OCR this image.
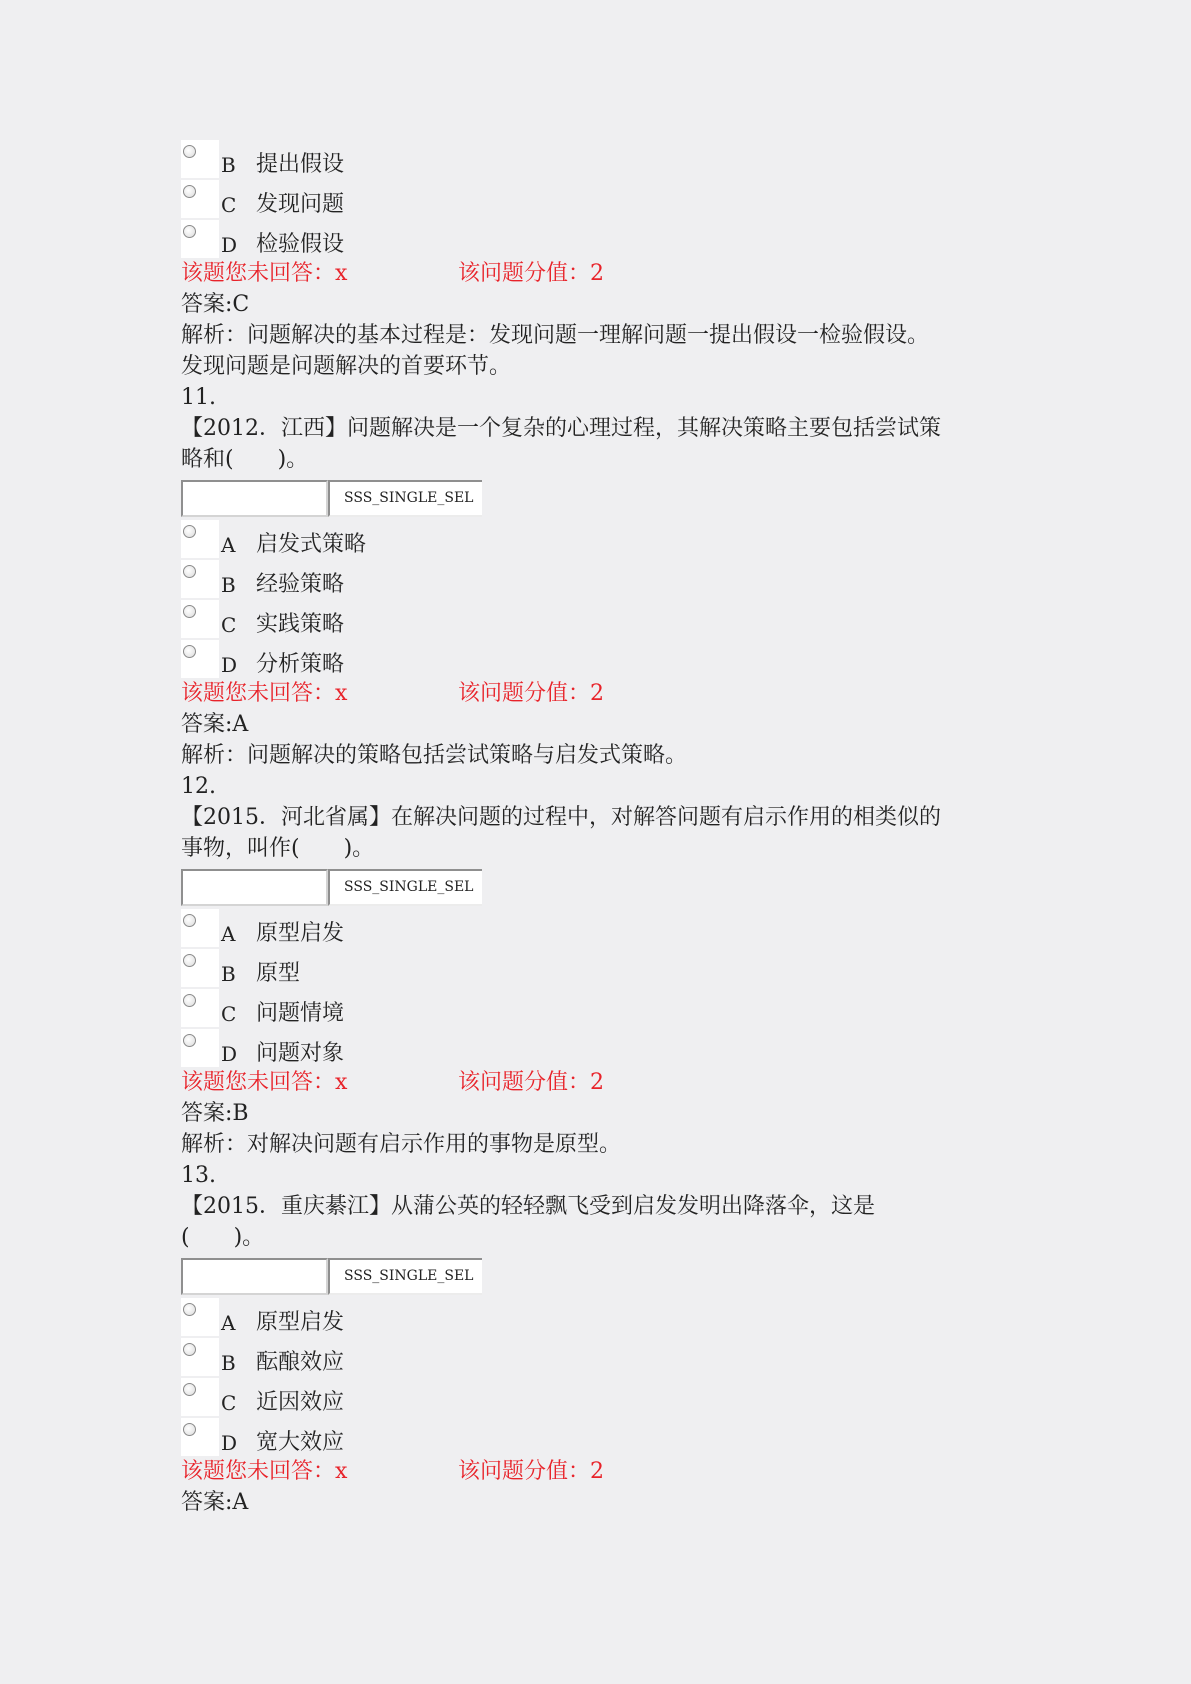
B 提出假设
C 发现问题
D 检验假设
该题您未回答：x	该问题分值：2
答案:C
解析：问题解决的基本过程是：发现问题一理解问题一提出假设一检验假设。
发现问题是问题解决的首要环节。
11.
【2012．江西】问题解决是一个复杂的心理过程，其解决策略主要包括尝试策
略和(　　)。
SSS_SINGLE_SEL
A 启发式策略
B 经验策略
C 实践策略
D 分析策略
该题您未回答：x	该问题分值：2
答案:A
解析：问题解决的策略包括尝试策略与启发式策略。
12.
【2015．河北省属】在解决问题的过程中，对解答问题有启示作用的相类似的
事物，叫作(　　)。
SSS_SINGLE_SEL
A 原型启发
B 原型
C 问题情境
D 问题对象
该题您未回答：x	该问题分值：2
答案:B
解析：对解决问题有启示作用的事物是原型。
13.
【2015．重庆綦江】从蒲公英的轻轻飘飞受到启发发明出降落伞，这是
(　　)。
SSS_SINGLE_SEL
A 原型启发
B 酝酿效应
C 近因效应
D 宽大效应
该题您未回答：x	该问题分值：2
答案:A
